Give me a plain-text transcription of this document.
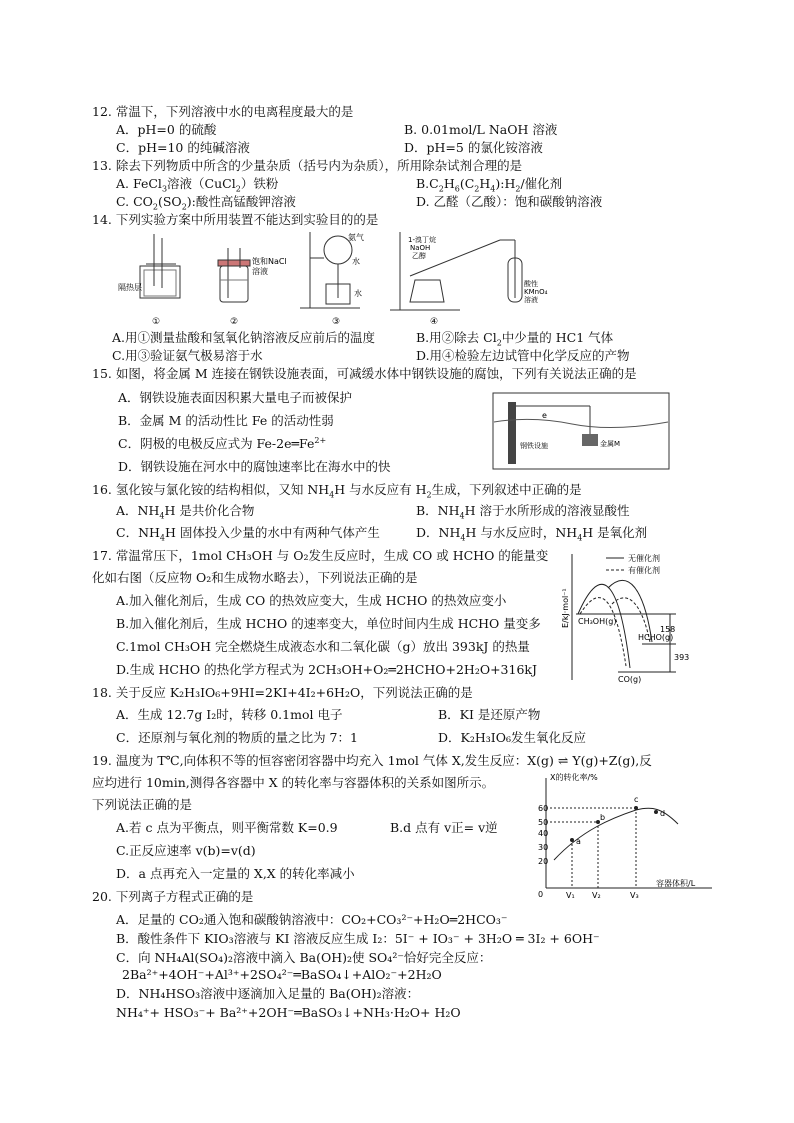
12. 常温下，下列溶液中水的电离程度最大的是
A．pH=0 的硫酸	B. 0.01mol/L NaOH 溶液
C．pH=10 的纯碱溶液	D．pH=5 的氯化铵溶液
13. 除去下列物质中所含的少量杂质（括号内为杂质），所用除杂试剂合理的是
A. FeCl$_3$溶液（CuCl$_2$）铁粉	$B.C_2H_6(C_2H_4):H_2/$催化剂
C. $CO_2(SO_2)$:酸性高锰酸钾溶液	D. 乙醛（乙酸）：饱和碳酸钠溶液
14. 下列实验方案中所用装置不能达到实验目的的是
隔热层
①
饱和NaCl
溶液
②
氨气
水
水
③
1-溴丁烷
NaOH
乙醇
酸性
KMnO₄
溶液
④
A.用①测量盐酸和氢氧化钠溶液反应前后的温度	B.用②除去 $Cl_2$中少量的 HC1 气体
C.用③验证氨气极易溶于水	D.用④检验左边试管中化学反应的产物
15. 如图，将金属 M 连接在钢铁设施表面，可减缓水体中钢铁设施的腐蚀，下列有关说法正确的是
A．钢铁设施表面因积累大量电子而被保护
B．金属 M 的活动性比 Fe 的活动性弱
C．阴极的电极反应式为 $Fe-2e═Fe^{2+}$
D．钢铁设施在河水中的腐蚀速率比在海水中的快
e
钢铁设施	金属M
16. 氢化铵与氯化铵的结构相似，又知 $NH_4H$ 与水反应有 $H_2$生成，下列叙述中正确的是
A．$NH_4H$ 是共价化合物	B．$NH_4H$ 溶于水所形成的溶液显酸性
C．$NH_4H$ 固体投入少量的水中有两种气体产生	D．$NH_4H$ 与水反应时，$NH_4H$ 是氧化剂
17. 常温常压下，1mol CH₃OH 与 O₂发生反应时，生成 CO 或 HCHO 的能量变
化如右图（反应物 O₂和生成物水略去），下列说法正确的是
A.加入催化剂后，生成 CO 的热效应变大，生成 HCHO 的热效应变小
B.加入催化剂后，生成 HCHO 的速率变大，单位时间内生成 HCHO 量变多
C.1mol CH₃OH 完全燃烧生成液态水和二氧化碳（g）放出 393kJ 的热量
D.生成 HCHO 的热化学方程式为 2CH₃OH+O₂═2HCHO+2H₂O+316kJ
E/kJ·mol⁻¹
无催化剂
有催化剂
CH₃OH(g)
HCHO(g)
CO(g)
158
393
18. 关于反应 K₂H₃IO₆+9HI=2KI+4I₂+6H₂O，下列说法正确的是
A．生成 12.7g I₂时，转移 0.1mol 电子	B．KI 是还原产物
C．还原剂与氧化剂的物质的量之比为 7：1	D．K₂H₃IO₆发生氧化反应
19. 温度为 T℃,向体积不等的恒容密闭容器中均充入 1mol 气体 X,发生反应：X(g) ⇌ Y(g)+Z(g),反
应均进行 10min,测得各容器中 X 的转化率与容器体积的关系如图所示。
下列说法正确的是
A.若 c 点为平衡点，则平衡常数 K=0.9	B.d 点有 v正= v逆
C.正反应速率 v(b)=v(d)
D．a 点再充入一定量的 X,X 的转化率减小
X的转化率/%
容器体积/L
60
50
40
30
20
0
a
b
c
d
V₁ V₂	V₃
20. 下列离子方程式正确的是
A．足量的 CO₂通入饱和碳酸钠溶液中：CO₂+CO₃²⁻+H₂O═2HCO₃⁻
B．酸性条件下 KIO₃溶液与 KI 溶液反应生成 I₂：5I⁻ + IO₃⁻ + 3H₂O ═ 3I₂ + 6OH⁻
C．向 NH₄Al(SO₄)₂溶液中滴入 Ba(OH)₂使 SO₄²⁻恰好完全反应：
2Ba²⁺+4OH⁻+Al³⁺+2SO₄²⁻═BaSO₄↓+AlO₂⁻+2H₂O
D．NH₄HSO₃溶液中逐滴加入足量的 Ba(OH)₂溶液：
NH₄⁺+ HSO₃⁻+ Ba²⁺+2OH⁻═BaSO₃↓+NH₃·H₂O+ H₂O
